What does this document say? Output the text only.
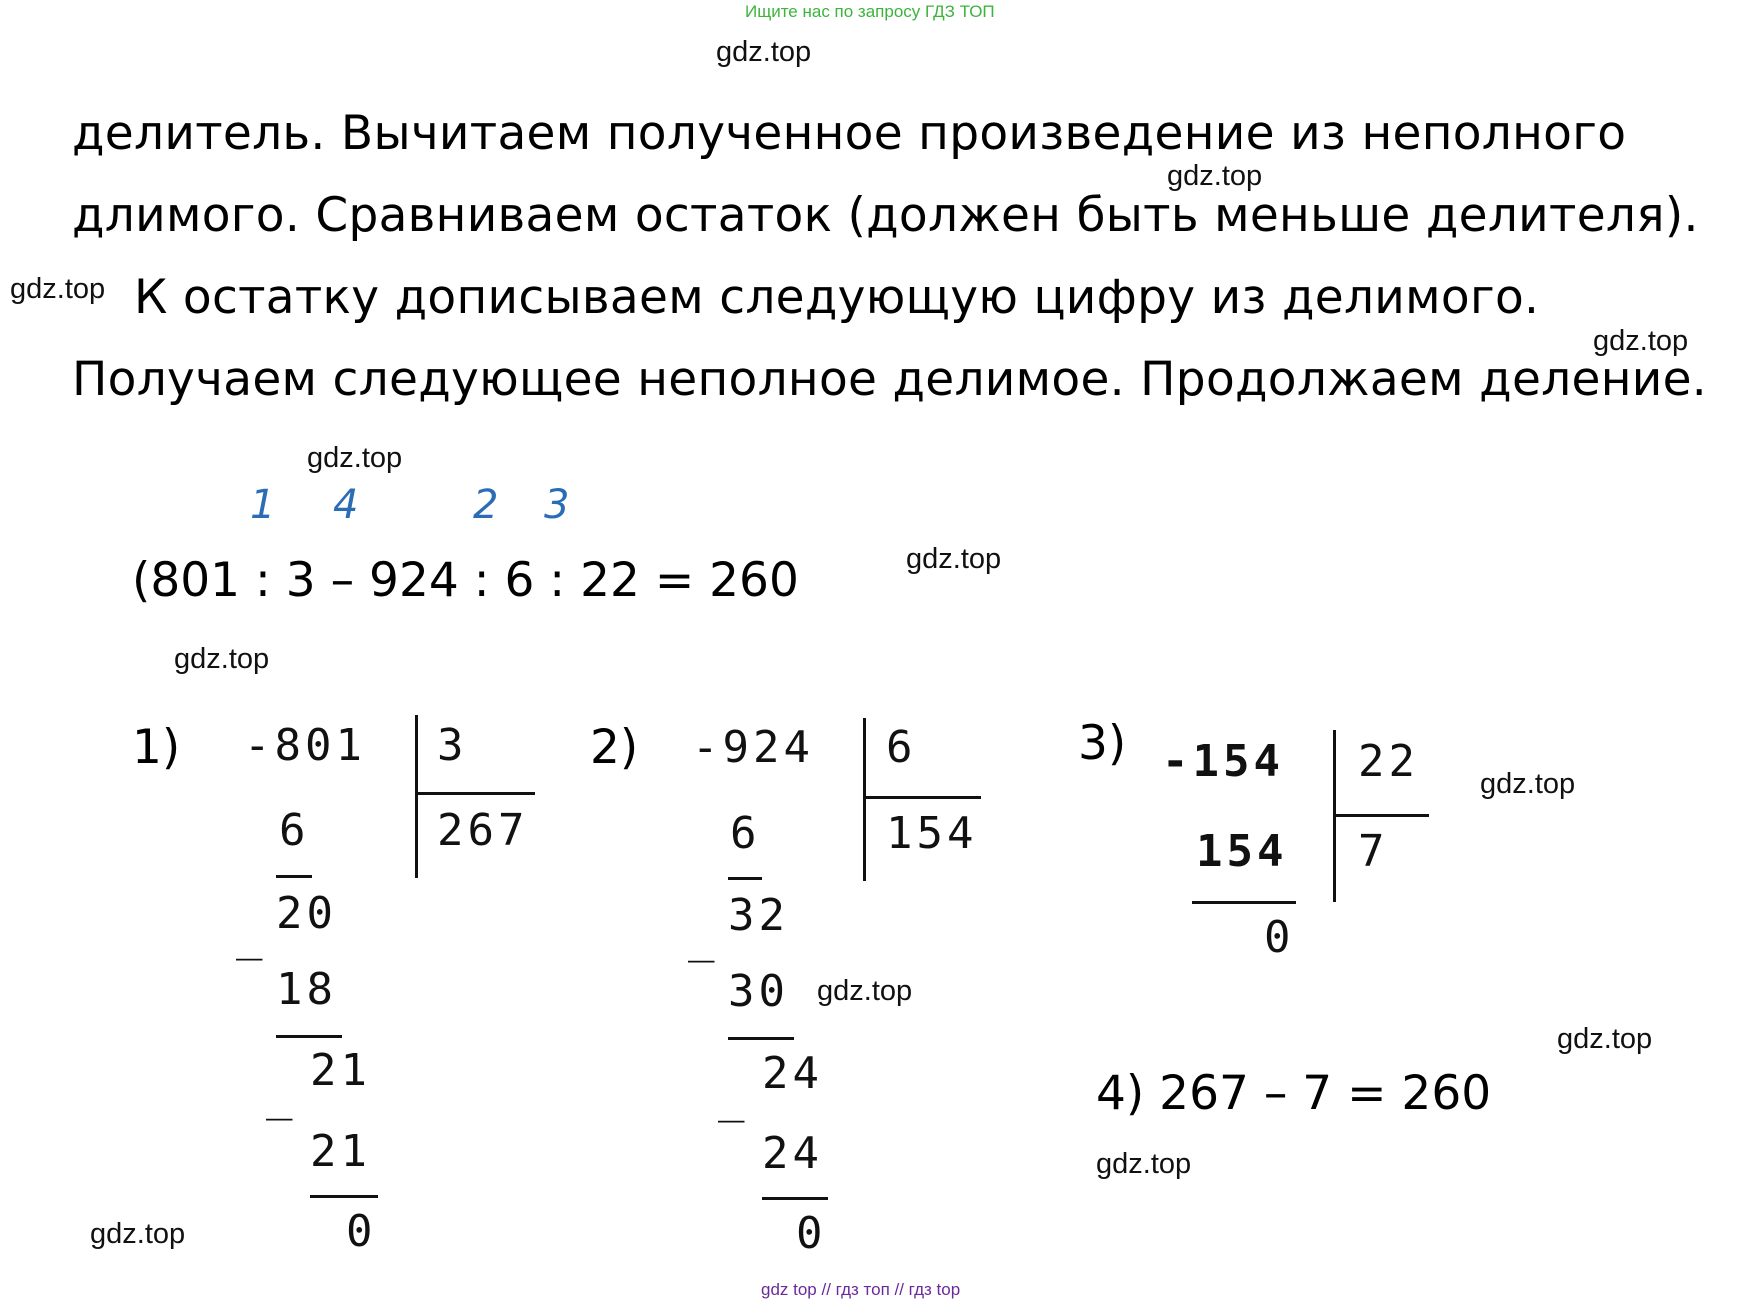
Ищите нас по запросу ГДЗ ТОП
gdz.top
gdz.top
gdz.top
gdz.top
gdz.top
gdz.top
gdz.top
gdz.top
gdz.top
gdz.top
gdz.top
gdz.top
делитель. Вычитаем полученное произведение из неполного
длимого. Сравниваем остаток (должен быть меньше делителя).
К остатку дописываем следующую цифру из делимого.
Получаем следующее неполное делимое. Продолжаем деление.
1 4	2 3
(801 : 3 – 924 : 6 : 22 = 260
1) -801 3
267
6
20
_
18
21
_
21
0
2) -924 6
154
6
32
_
30
24
_
24
0
3) -154 22
7
154
0
4) 267 – 7 = 260
gdz top // гдз топ // гдз top
